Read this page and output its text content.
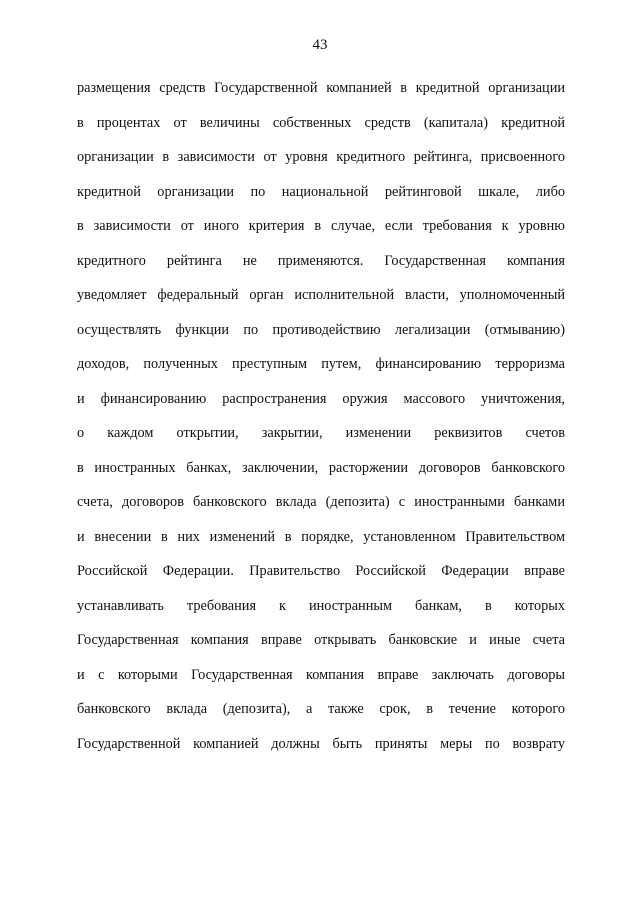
43
размещения средств Государственной компанией в кредитной организации
в процентах от величины собственных средств (капитала) кредитной
организации в зависимости от уровня кредитного рейтинга, присвоенного
кредитной организации по национальной рейтинговой шкале, либо
в зависимости от иного критерия в случае, если требования к уровню
кредитного рейтинга не применяются. Государственная компания
уведомляет федеральный орган исполнительной власти, уполномоченный
осуществлять функции по противодействию легализации (отмыванию)
доходов, полученных преступным путем, финансированию терроризма
и финансированию распространения оружия массового уничтожения,
о каждом открытии, закрытии, изменении реквизитов счетов
в иностранных банках, заключении, расторжении договоров банковского
счета, договоров банковского вклада (депозита) с иностранными банками
и внесении в них изменений в порядке, установленном Правительством
Российской Федерации. Правительство Российской Федерации вправе
устанавливать требования к иностранным банкам, в которых
Государственная компания вправе открывать банковские и иные счета
и с которыми Государственная компания вправе заключать договоры
банковского вклада (депозита), а также срок, в течение которого
Государственной компанией должны быть приняты меры по возврату
